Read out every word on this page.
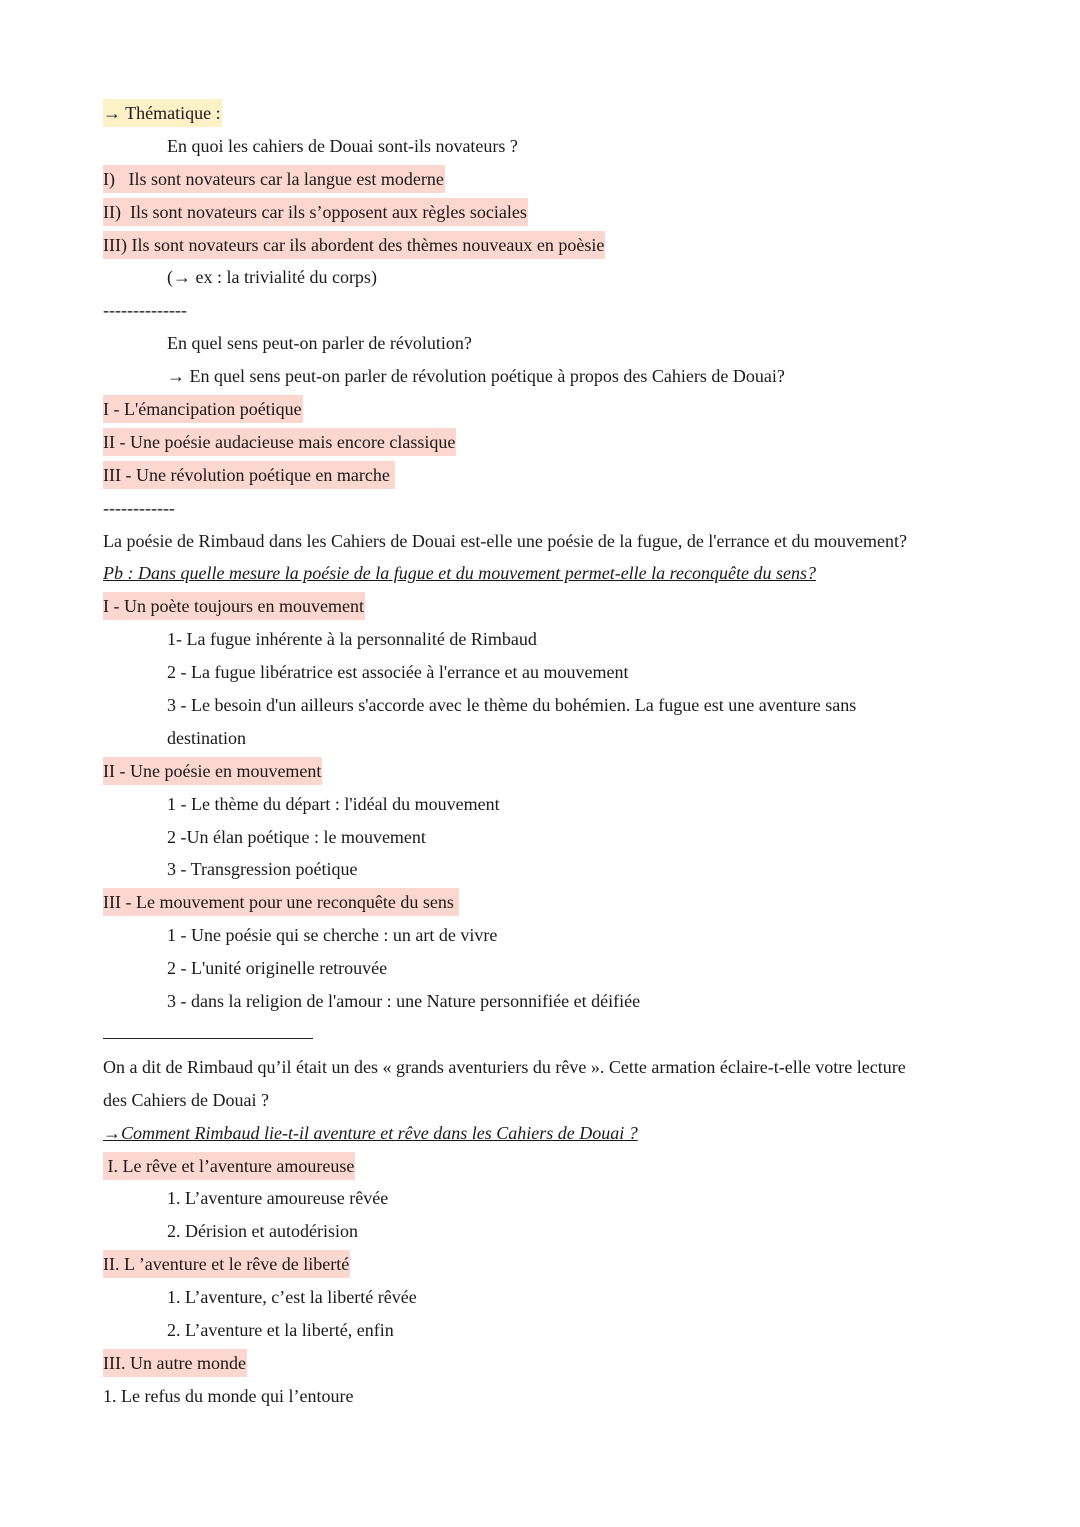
→ Thématique :
En quoi les cahiers de Douai sont-ils novateurs ?
I)   Ils sont novateurs car la langue est moderne
II)  Ils sont novateurs car ils s’opposent aux règles sociales
III) Ils sont novateurs car ils abordent des thèmes nouveaux en poèsie
(→ ex : la trivialité du corps)
--------------
En quel sens peut-on parler de révolution?
→ En quel sens peut-on parler de révolution poétique à propos des Cahiers de Douai?
I - L'émancipation poétique
II - Une poésie audacieuse mais encore classique
III - Une révolution poétique en marche
------------
La poésie de Rimbaud dans les Cahiers de Douai est-elle une poésie de la fugue, de l'errance et du mouvement?
Pb : Dans quelle mesure la poésie de la fugue et du mouvement permet-elle la reconquête du sens?
I - Un poète toujours en mouvement
1- La fugue inhérente à la personnalité de Rimbaud
2 - La fugue libératrice est associée à l'errance et au mouvement
3 - Le besoin d'un ailleurs s'accorde avec le thème du bohémien. La fugue est une aventure sans
destination
II - Une poésie en mouvement
1 - Le thème du départ : l'idéal du mouvement
2 -Un élan poétique : le mouvement
3 - Transgression poétique
III - Le mouvement pour une reconquête du sens
1 - Une poésie qui se cherche : un art de vivre
2 - L'unité originelle retrouvée
3 - dans la religion de l'amour : une Nature personnifiée et déifiée
On a dit de Rimbaud qu’il était un des « grands aventuriers du rêve ». Cette armation éclaire-t-elle votre lecture
des Cahiers de Douai ?
→Comment Rimbaud lie-t-il aventure et rêve dans les Cahiers de Douai ?
I. Le rêve et l’aventure amoureuse
1. L’aventure amoureuse rêvée
2. Dérision et autodérision
II. L ’aventure et le rêve de liberté
1. L’aventure, c’est la liberté rêvée
2. L’aventure et la liberté, enfin
III. Un autre monde
1. Le refus du monde qui l’entoure
